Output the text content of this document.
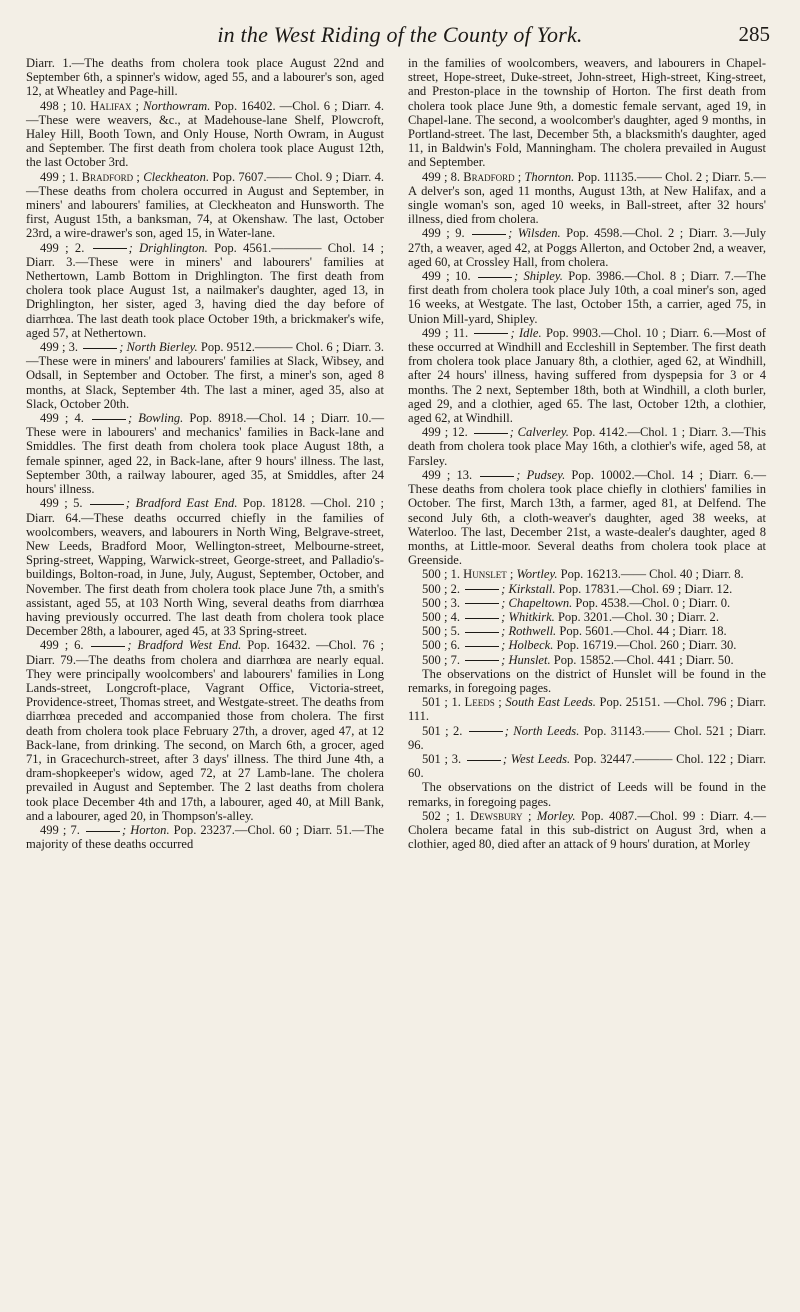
in the West Riding of the County of York.	285

Diarr. 1.—The deaths from cholera took place August 22nd and September 6th, a spinner's widow, aged 55, and a labourer's son, aged 12, at Wheatley and Page-hill.

498 ; 10. Halifax ; Northowram. Pop. 16402. —Chol. 6 ; Diarr. 4.—These were weavers, &c., at Madehouse-lane Shelf, Plowcroft, Haley Hill, Booth Town, and Only House, North Owram, in August and September. The first death from cholera took place August 12th, the last October 3rd.

499 ; 1. Bradford ; Cleckheaton. Pop. 7607.—— Chol. 9 ; Diarr. 4.—These deaths from cholera occurred in August and September, in miners' and labourers' families, at Cleckheaton and Hunsworth. The first, August 15th, a banksman, 74, at Okenshaw. The last, October 23rd, a wire-drawer's son, aged 15, in Water-lane.

499 ; 2.	; Drighlington. Pop. 4561.———— Chol. 14 ; Diarr. 3.—These were in miners' and labourers' families at Nethertown, Lamb Bottom in Drighlington. The first death from cholera took place August 1st, a nailmaker's daughter, aged 13, in Drighlington, her sister, aged 3, having died the day before of diarrhœa. The last death took place October 19th, a brickmaker's wife, aged 57, at Nethertown.

499 ; 3.	; North Bierley. Pop. 9512.——— Chol. 6 ; Diarr. 3.—These were in miners' and labourers' families at Slack, Wibsey, and Odsall, in September and October. The first, a miner's son, aged 8 months, at Slack, September 4th. The last a miner, aged 35, also at Slack, October 20th.

499 ; 4.	; Bowling. Pop. 8918.—Chol. 14 ; Diarr. 10.—These were in labourers' and mechanics' families in Back-lane and Smiddles. The first death from cholera took place August 18th, a female spinner, aged 22, in Back-lane, after 9 hours' illness. The last, September 30th, a railway labourer, aged 35, at Smiddles, after 24 hours' illness.

499 ; 5.	; Bradford East End. Pop. 18128. —Chol. 210 ; Diarr. 64.—These deaths occurred chiefly in the families of woolcombers, weavers, and labourers in North Wing, Belgrave-street, New Leeds, Bradford Moor, Wellington-street, Melbourne-street, Spring-street, Wapping, Warwick-street, George-street, and Palladio's-buildings, Bolton-road, in June, July, August, September, October, and November. The first death from cholera took place June 7th, a smith's assistant, aged 55, at 103 North Wing, several deaths from diarrhœa having previously occurred. The last death from cholera took place December 28th, a labourer, aged 45, at 33 Spring-street.

499 ; 6.	; Bradford West End. Pop. 16432. —Chol. 76 ; Diarr. 79.—The deaths from cholera and diarrhœa are nearly equal. They were principally woolcombers' and labourers' families in Long Lands-street, Longcroft-place, Vagrant Office, Victoria-street, Providence-street, Thomas street, and Westgate-street. The deaths from diarrhœa preceded and accompanied those from cholera. The first death from cholera took place February 27th, a drover, aged 47, at 12 Back-lane, from drinking. The second, on March 6th, a grocer, aged 71, in Gracechurch-street, after 3 days' illness. The third June 4th, a dram-shopkeeper's widow, aged 72, at 27 Lamb-lane. The cholera prevailed in August and September. The 2 last deaths from cholera took place December 4th and 17th, a labourer, aged 40, at Mill Bank, and a labourer, aged 20, in Thompson's-alley.

499 ; 7.	; Horton. Pop. 23237.—Chol. 60 ; Diarr. 51.—The majority of these deaths occurred

in the families of woolcombers, weavers, and labourers in Chapel-street, Hope-street, Duke-street, John-street, High-street, King-street, and Preston-place in the township of Horton. The first death from cholera took place June 9th, a domestic female servant, aged 19, in Chapel-lane. The second, a woolcomber's daughter, aged 9 months, in Portland-street. The last, December 5th, a blacksmith's daughter, aged 11, in Baldwin's Fold, Manningham. The cholera prevailed in August and September.

499 ; 8. Bradford ; Thornton. Pop. 11135.—— Chol. 2 ; Diarr. 5.—A delver's son, aged 11 months, August 13th, at New Halifax, and a single woman's son, aged 10 weeks, in Ball-street, after 32 hours' illness, died from cholera.

499 ; 9.	; Wilsden. Pop. 4598.—Chol. 2 ; Diarr. 3.—July 27th, a weaver, aged 42, at Poggs Allerton, and October 2nd, a weaver, aged 60, at Crossley Hall, from cholera.

499 ; 10.	; Shipley. Pop. 3986.—Chol. 8 ; Diarr. 7.—The first death from cholera took place July 10th, a coal miner's son, aged 16 weeks, at Westgate. The last, October 15th, a carrier, aged 75, in Union Mill-yard, Shipley.

499 ; 11.	; Idle. Pop. 9903.—Chol. 10 ; Diarr. 6.—Most of these occurred at Windhill and Eccleshill in September. The first death from cholera took place January 8th, a clothier, aged 62, at Windhill, after 24 hours' illness, having suffered from dyspepsia for 3 or 4 months. The 2 next, September 18th, both at Windhill, a cloth burler, aged 29, and a clothier, aged 65. The last, October 12th, a clothier, aged 62, at Windhill.

499 ; 12.	; Calverley. Pop. 4142.—Chol. 1 ; Diarr. 3.—This death from cholera took place May 16th, a clothier's wife, aged 58, at Farsley.

499 ; 13.	; Pudsey. Pop. 10002.—Chol. 14 ; Diarr. 6.—These deaths from cholera took place chiefly in clothiers' families in October. The first, March 13th, a farmer, aged 81, at Delfend. The second July 6th, a cloth-weaver's daughter, aged 38 weeks, at Waterloo. The last, December 21st, a waste-dealer's daughter, aged 8 months, at Little-moor. Several deaths from cholera took place at Greenside.

500 ; 1. Hunslet ; Wortley. Pop. 16213.—— Chol. 40 ; Diarr. 8.

500 ; 2.	; Kirkstall. Pop. 17831.—Chol. 69 ; Diarr. 12.

500 ; 3.	; Chapeltown. Pop. 4538.—Chol. 0 ; Diarr. 0.

500 ; 4.	; Whitkirk. Pop. 3201.—Chol. 30 ; Diarr. 2.

500 ; 5.	; Rothwell. Pop. 5601.—Chol. 44 ; Diarr. 18.

500 ; 6.	; Holbeck. Pop. 16719.—Chol. 260 ; Diarr. 30.

500 ; 7.	; Hunslet. Pop. 15852.—Chol. 441 ; Diarr. 50.

The observations on the district of Hunslet will be found in the remarks, in foregoing pages.

501 ; 1. Leeds ; South East Leeds. Pop. 25151. —Chol. 796 ; Diarr. 111.

501 ; 2.	; North Leeds. Pop. 31143.—— Chol. 521 ; Diarr. 96.

501 ; 3.	; West Leeds. Pop. 32447.——— Chol. 122 ; Diarr. 60.

The observations on the district of Leeds will be found in the remarks, in foregoing pages.

502 ; 1. Dewsbury ; Morley. Pop. 4087.—Chol. 99 : Diarr. 4.—Cholera became fatal in this sub-district on August 3rd, when a clothier, aged 80, died after an attack of 9 hours' duration, at Morley
